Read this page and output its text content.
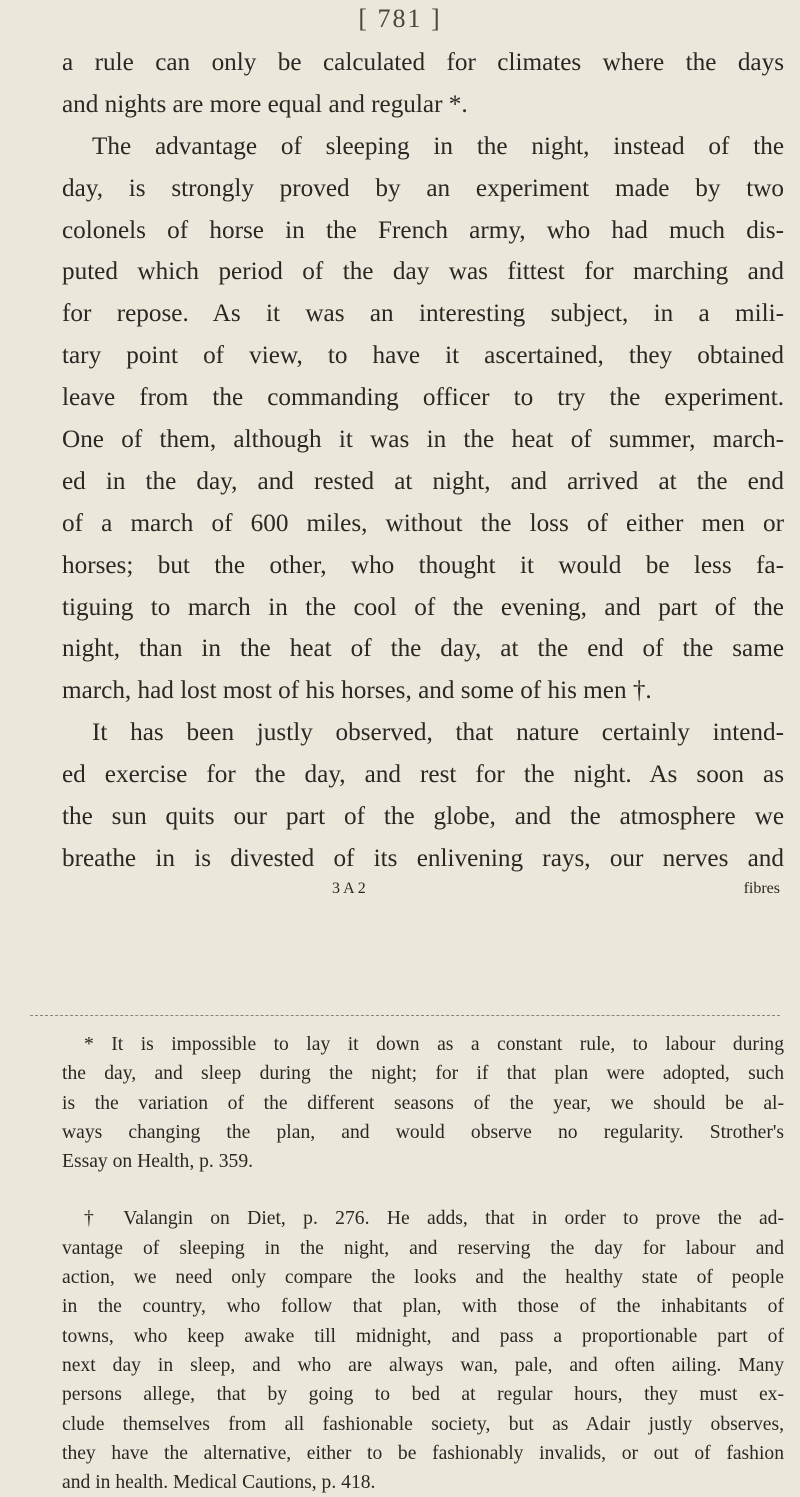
[ 781 ]
a rule can only be calculated for climates where the days
and nights are more equal and regular *.
The advantage of sleeping in the night, instead of the
day, is strongly proved by an experiment made by two
colonels of horse in the French army, who had much dis-
puted which period of the day was fittest for marching and
for repose. As it was an interesting subject, in a mili-
tary point of view, to have it ascertained, they obtained
leave from the commanding officer to try the experiment.
One of them, although it was in the heat of summer, march-
ed in the day, and rested at night, and arrived at the end
of a march of 600 miles, without the loss of either men or
horses; but the other, who thought it would be less fa-
tiguing to march in the cool of the evening, and part of the
night, than in the heat of the day, at the end of the same
march, had lost most of his horses, and some of his men †.
It has been justly observed, that nature certainly intend-
ed exercise for the day, and rest for the night. As soon as
the sun quits our part of the globe, and the atmosphere we
breathe in is divested of its enlivening rays, our nerves and
3 A 2	fibres
* It is impossible to lay it down as a constant rule, to labour during
the day, and sleep during the night; for if that plan were adopted, such
is the variation of the different seasons of the year, we should be al-
ways changing the plan, and would observe no regularity. Strother's
Essay on Health, p. 359.
† Valangin on Diet, p. 276. He adds, that in order to prove the ad-
vantage of sleeping in the night, and reserving the day for labour and
action, we need only compare the looks and the healthy state of people
in the country, who follow that plan, with those of the inhabitants of
towns, who keep awake till midnight, and pass a proportionable part of
next day in sleep, and who are always wan, pale, and often ailing. Many
persons allege, that by going to bed at regular hours, they must ex-
clude themselves from all fashionable society, but as Adair justly observes,
they have the alternative, either to be fashionably invalids, or out of fashion
and in health. Medical Cautions, p. 418.
